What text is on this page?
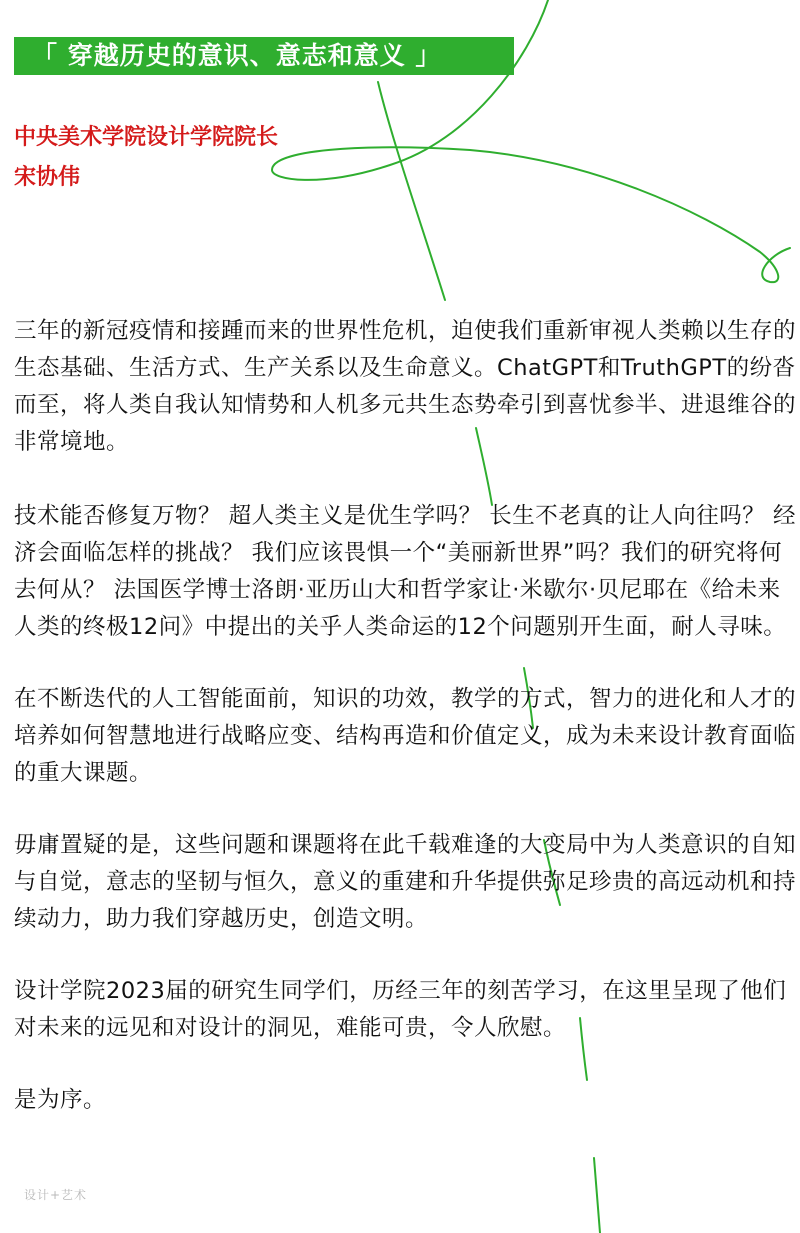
「 穿越历史的意识、意志和意义 」
中央美术学院设计学院院长
宋协伟

三年的新冠疫情和接踵而来的世界性危机，迫使我们重新审视人类赖以生存的生态基础、生活方式、生产关系以及生命意义。ChatGPT和TruthGPT的纷沓而至，将人类自我认知情势和人机多元共生态势牵引到喜忧参半、进退维谷的非常境地。

技术能否修复万物？ 超人类主义是优生学吗？ 长生不老真的让人向往吗？ 经济会面临怎样的挑战？ 我们应该畏惧一个“美丽新世界”吗？我们的研究将何去何从？ 法国医学博士洛朗·亚历山大和哲学家让·米歇尔·贝尼耶在《给未来人类的终极12问》中提出的关乎人类命运的12个问题别开生面，耐人寻味。

在不断迭代的人工智能面前，知识的功效，教学的方式，智力的进化和人才的培养如何智慧地进行战略应变、结构再造和价值定义，成为未来设计教育面临的重大课题。

毋庸置疑的是，这些问题和课题将在此千载难逢的大变局中为人类意识的自知与自觉，意志的坚韧与恒久，意义的重建和升华提供弥足珍贵的高远动机和持续动力，助力我们穿越历史，创造文明。

设计学院2023届的研究生同学们，历经三年的刻苦学习，在这里呈现了他们对未来的远见和对设计的洞见，难能可贵，令人欣慰。

是为序。

设计+艺术
